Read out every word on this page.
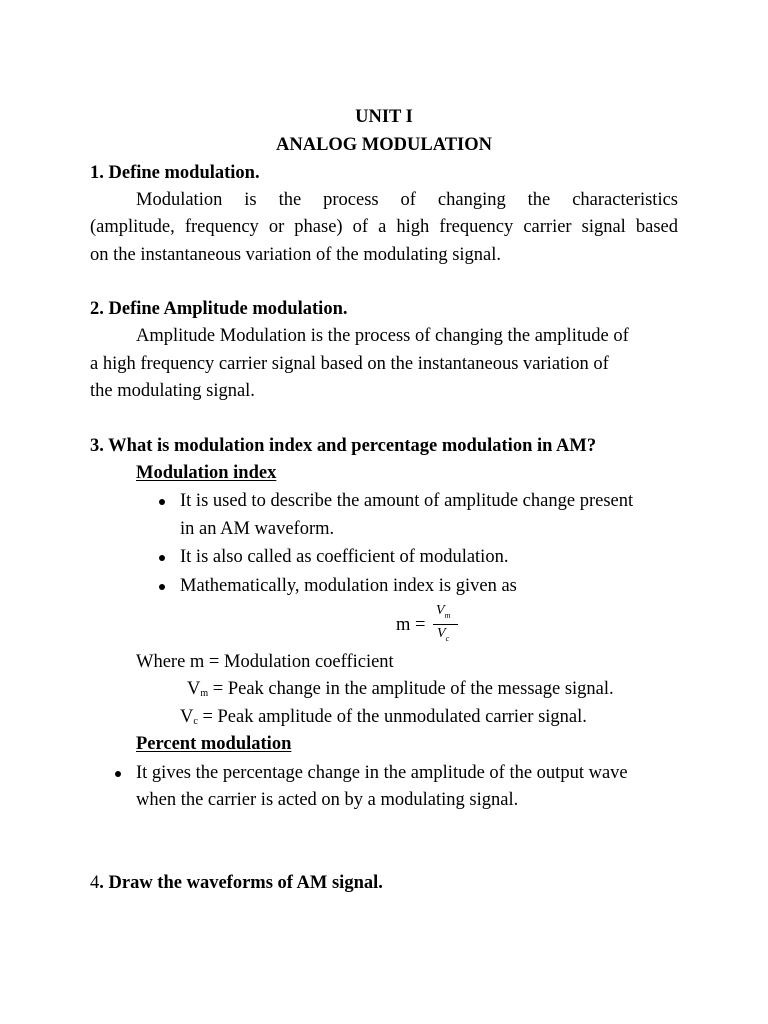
UNIT I
ANALOG MODULATION
1. Define modulation.
Modulation is the process of changing the characteristics
(amplitude, frequency or phase) of a high frequency carrier signal based
on the instantaneous variation of the modulating signal.
2. Define Amplitude modulation.
Amplitude Modulation is the process of changing the amplitude of
a high frequency carrier signal based on the instantaneous variation of
the modulating signal.
3. What is modulation index and percentage modulation in AM?
Modulation index
It is used to describe the amount of amplitude change present
in an AM waveform.
It is also called as coefficient of modulation.
Mathematically, modulation index is given as
m =
$V_m$
$V_c$
Where m = Modulation coefficient
$V_m$ = Peak change in the amplitude of the message signal.
$V_c$ = Peak amplitude of the unmodulated carrier signal.
Percent modulation
It gives the percentage change in the amplitude of the output wave
when the carrier is acted on by a modulating signal.
4. Draw the waveforms of AM signal.
